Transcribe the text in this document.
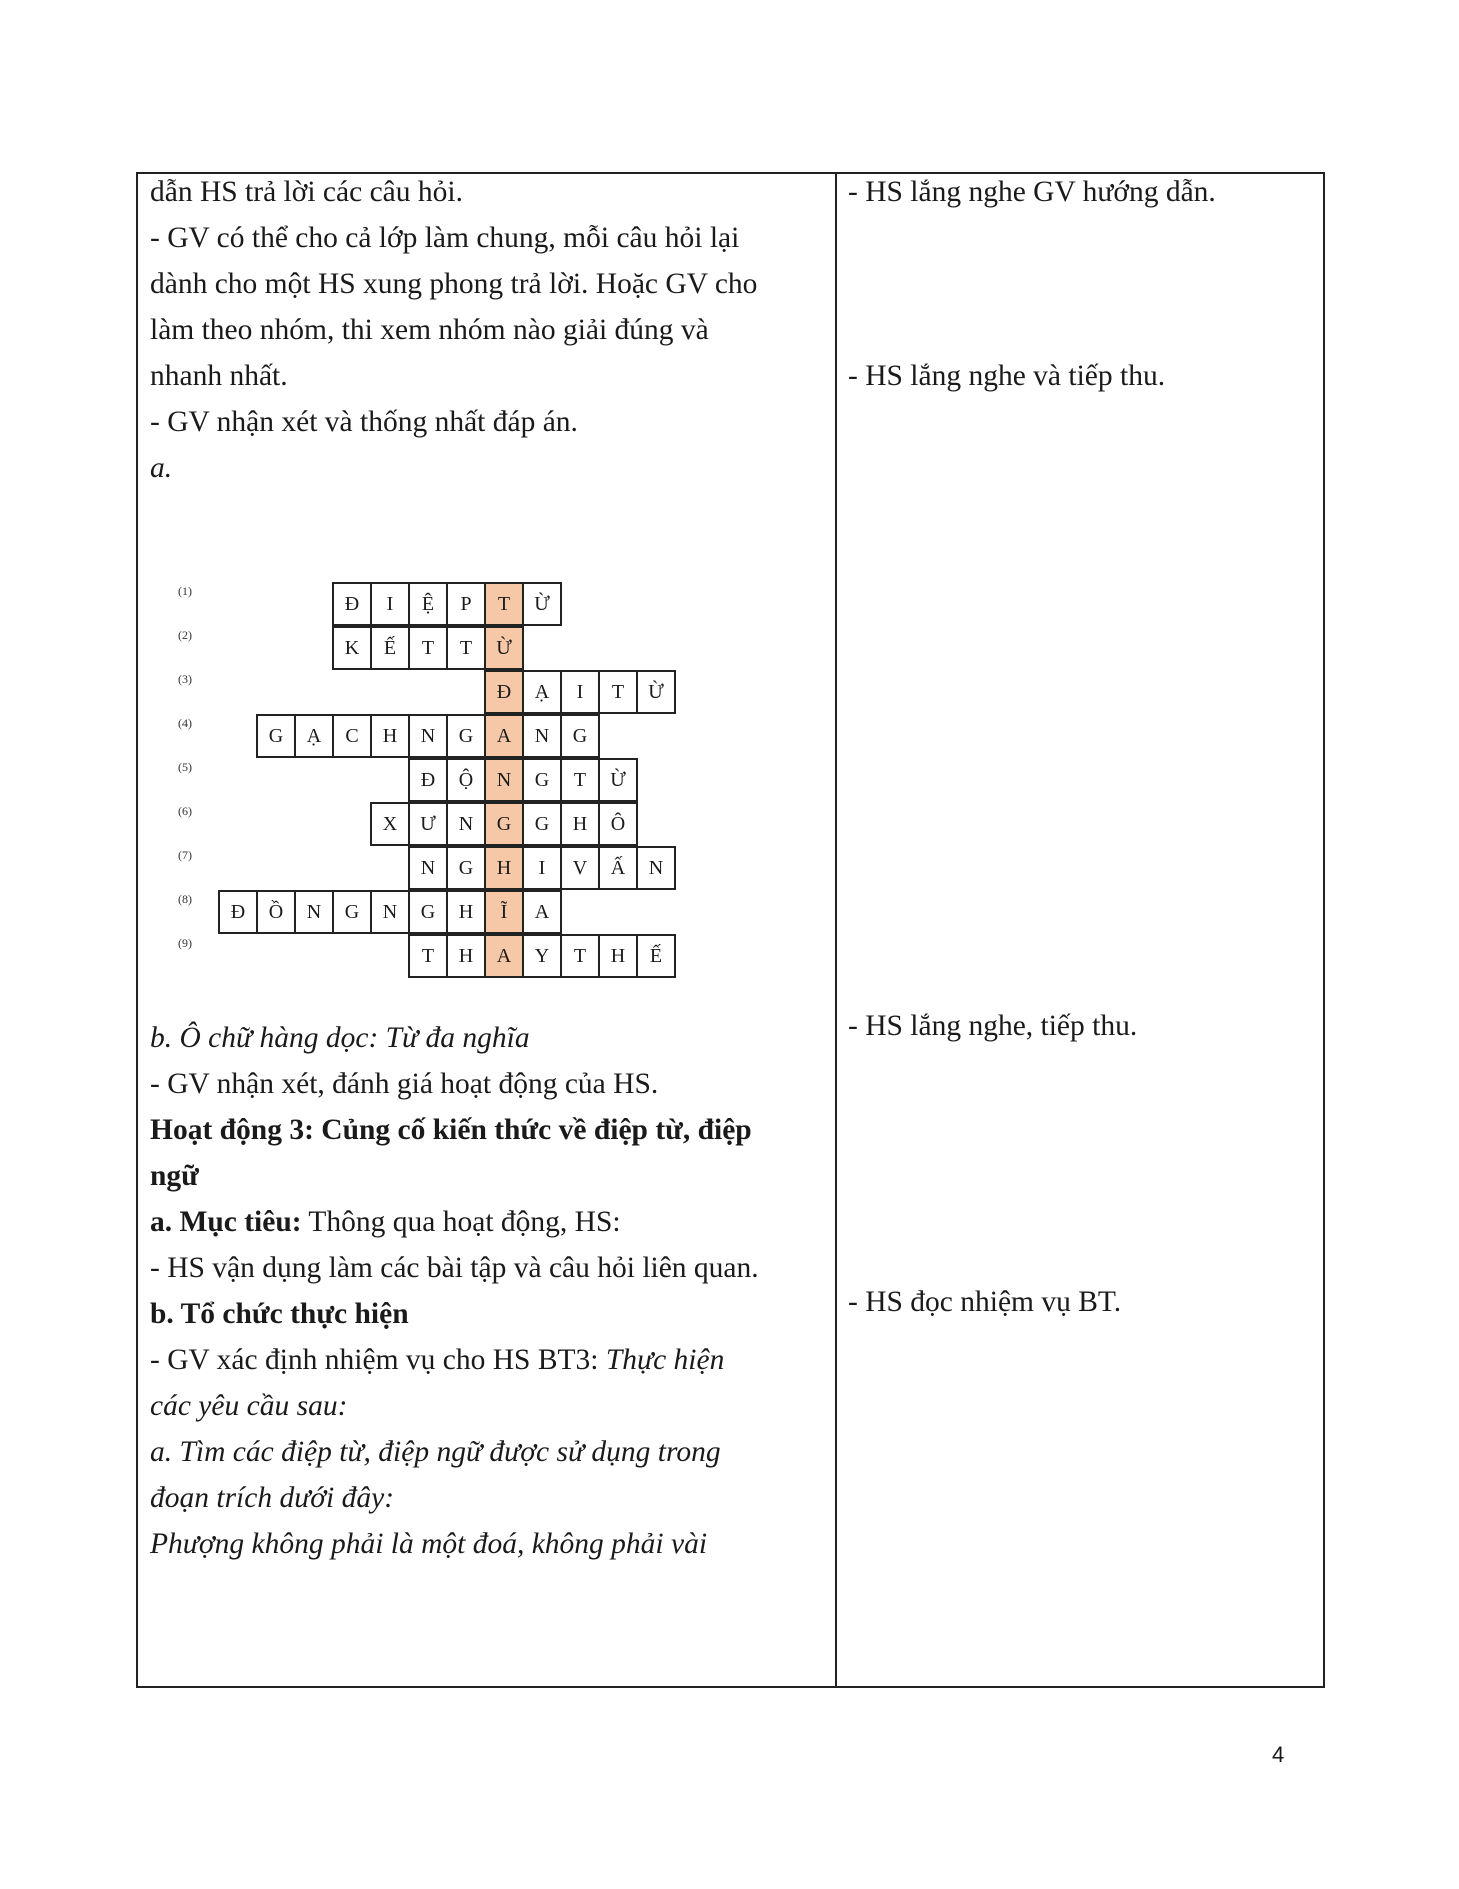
dẫn HS trả lời các câu hỏi.
- GV có thể cho cả lớp làm chung, mỗi câu hỏi lại
dành cho một HS xung phong trả lời. Hoặc GV cho
làm theo nhóm, thi xem nhóm nào giải đúng và
nhanh nhất.
- GV nhận xét và thống nhất đáp án.
a.
(1)
Đ	I	Ệ	P	T	Ừ
(2)
K	Ế	T	T	Ừ
(3)
Đ	Ạ	I	T	Ừ
(4)
G	Ạ	C	H	N	G	A	N	G
(5)
Đ	Ộ	N	G	T	Ừ
(6)
X	Ư	N	G	G	H	Ô
(7)
N	G	H	I	V	Ấ	N
(8)
Đ	Ồ	N	G	N	G	H	Ĩ	A
(9)
T	H	A	Y	T	H	Ế
b. Ô chữ hàng dọc: Từ đa nghĩa
- GV nhận xét, đánh giá hoạt động của HS.
Hoạt động 3: Củng cố kiến thức về điệp từ, điệp
ngữ
a. Mục tiêu: Thông qua hoạt động, HS:
- HS vận dụng làm các bài tập và câu hỏi liên quan.
b. Tổ chức thực hiện
- GV xác định nhiệm vụ cho HS BT3: Thực hiện
các yêu cầu sau:
a. Tìm các điệp từ, điệp ngữ được sử dụng trong
đoạn trích dưới đây:
Phượng không phải là một đoá, không phải vài
- HS lắng nghe GV hướng dẫn.
- HS lắng nghe và tiếp thu.
- HS lắng nghe, tiếp thu.
- HS đọc nhiệm vụ BT.
4
